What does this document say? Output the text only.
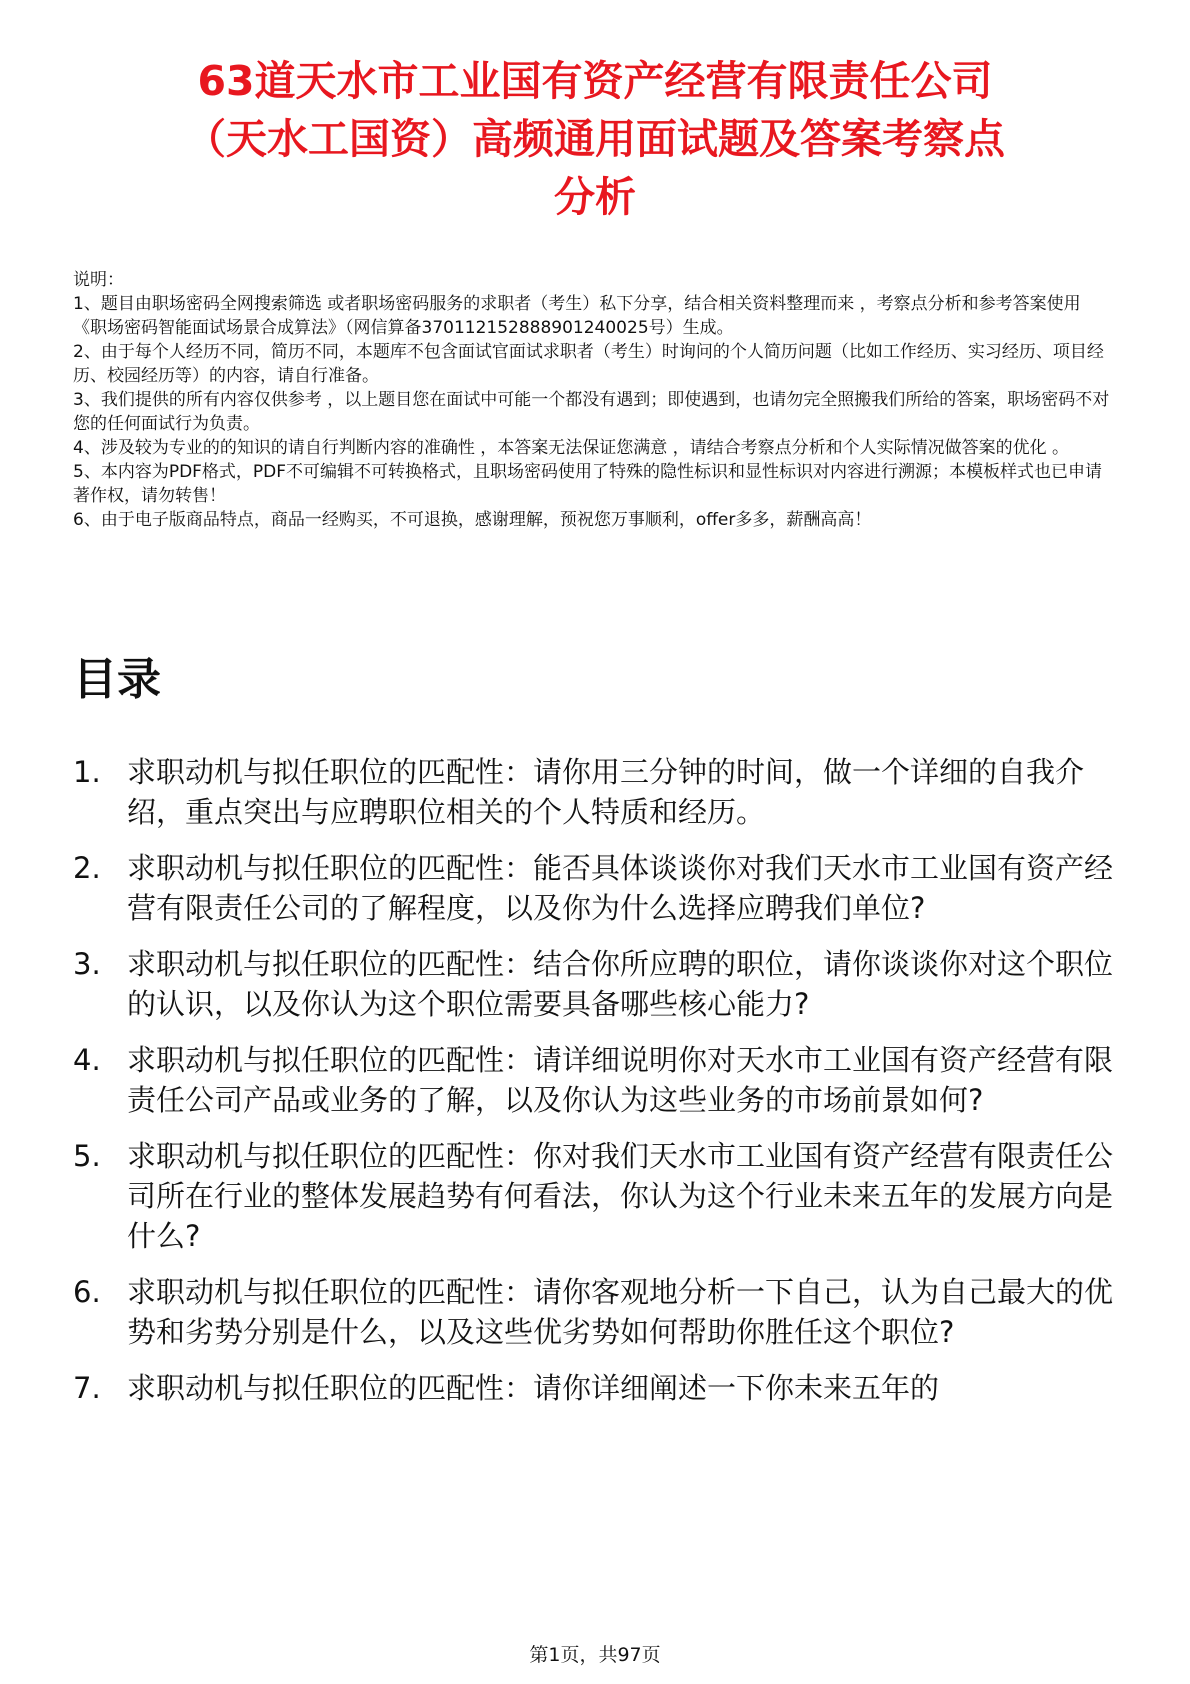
63道天水市工业国有资产经营有限责任公司
（天水工国资）高频通用面试题及答案考察点
分析

说明：

1、题目由职场密码全网搜索筛选 或者职场密码服务的求职者（考生）私下分享，结合相关资料整理而来 ，考察点分析和参考答案使用《职场密码智能面试场景合成算法》（网信算备370112152888901240025号）生成。

2、由于每个人经历不同，简历不同，本题库不包含面试官面试求职者（考生）时询问的个人简历问题（比如工作经历、实习经历、项目经历、校园经历等）的内容，请自行准备。

3、我们提供的所有内容仅供参考 ，以上题目您在面试中可能一个都没有遇到；即使遇到，也请勿完全照搬我们所给的答案，职场密码不对您的任何面试行为负责。

4、涉及较为专业的的知识的请自行判断内容的准确性 ，本答案无法保证您满意 ，请结合考察点分析和个人实际情况做答案的优化 。

5、本内容为PDF格式，PDF不可编辑不可转换格式，且职场密码使用了特殊的隐性标识和显性标识对内容进行溯源；本模板样式也已申请著作权，请勿转售！

6、由于电子版商品特点，商品一经购买，不可退换，感谢理解，预祝您万事顺利，offer多多，薪酬高高！

目录
1. 求职动机与拟任职位的匹配性：请你用三分钟的时间，做一个详细的自我介绍，重点突出与应聘职位相关的个人特质和经历。
2. 求职动机与拟任职位的匹配性：能否具体谈谈你对我们天水市工业国有资产经营有限责任公司的了解程度，以及你为什么选择应聘我们单位?
3. 求职动机与拟任职位的匹配性：结合你所应聘的职位，请你谈谈你对这个职位的认识，以及你认为这个职位需要具备哪些核心能力?
4. 求职动机与拟任职位的匹配性：请详细说明你对天水市工业国有资产经营有限责任公司产品或业务的了解，以及你认为这些业务的市场前景如何?
5. 求职动机与拟任职位的匹配性：你对我们天水市工业国有资产经营有限责任公司所在行业的整体发展趋势有何看法，你认为这个行业未来五年的发展方向是什么?
6. 求职动机与拟任职位的匹配性：请你客观地分析一下自己，认为自己最大的优势和劣势分别是什么，以及这些优劣势如何帮助你胜任这个职位?
7. 求职动机与拟任职位的匹配性：请你详细阐述一下你未来五年的
第1页，共97页
